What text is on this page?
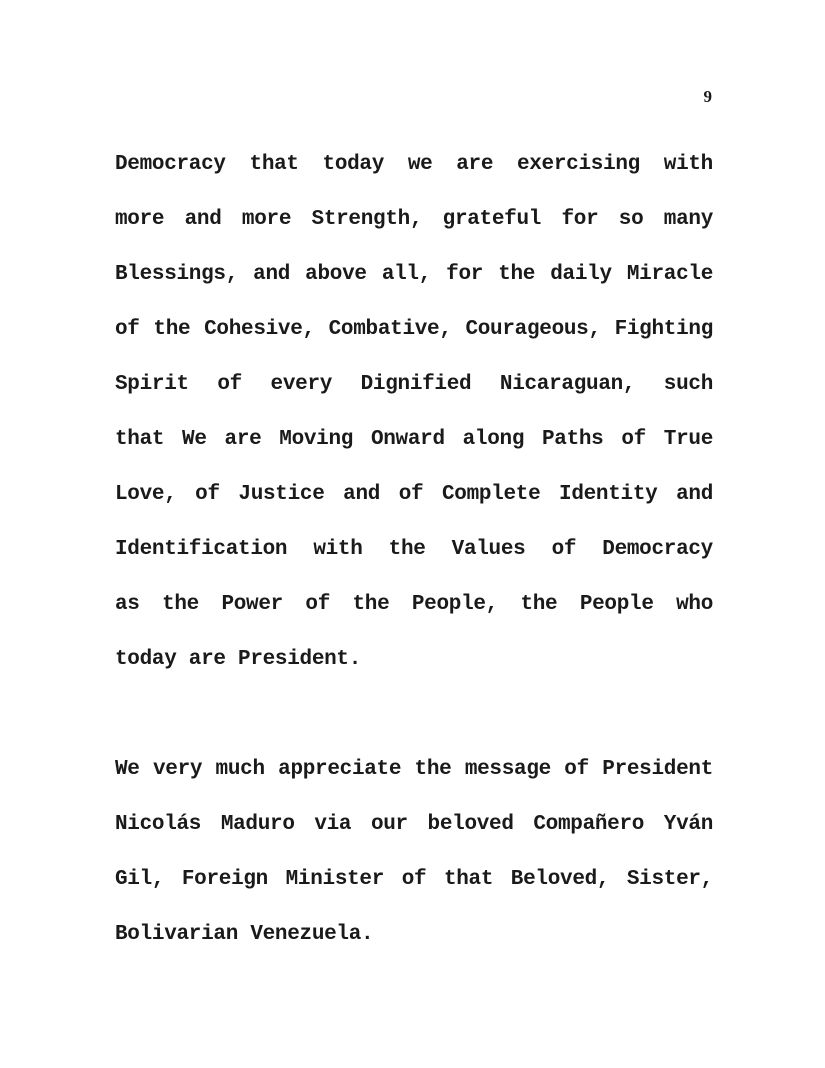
9
Democracy that today we are exercising with
more and more Strength, grateful for so many
Blessings, and above all, for the daily Miracle
of the Cohesive, Combative, Courageous, Fighting
Spirit of every Dignified Nicaraguan, such
that We are Moving Onward along Paths of True
Love, of Justice and of Complete Identity and
Identification with the Values of Democracy
as the Power of the People, the People who
today are President.
We very much appreciate the message of President
Nicolás Maduro via our beloved Compañero Yván
Gil, Foreign Minister of that Beloved, Sister,
Bolivarian Venezuela.
